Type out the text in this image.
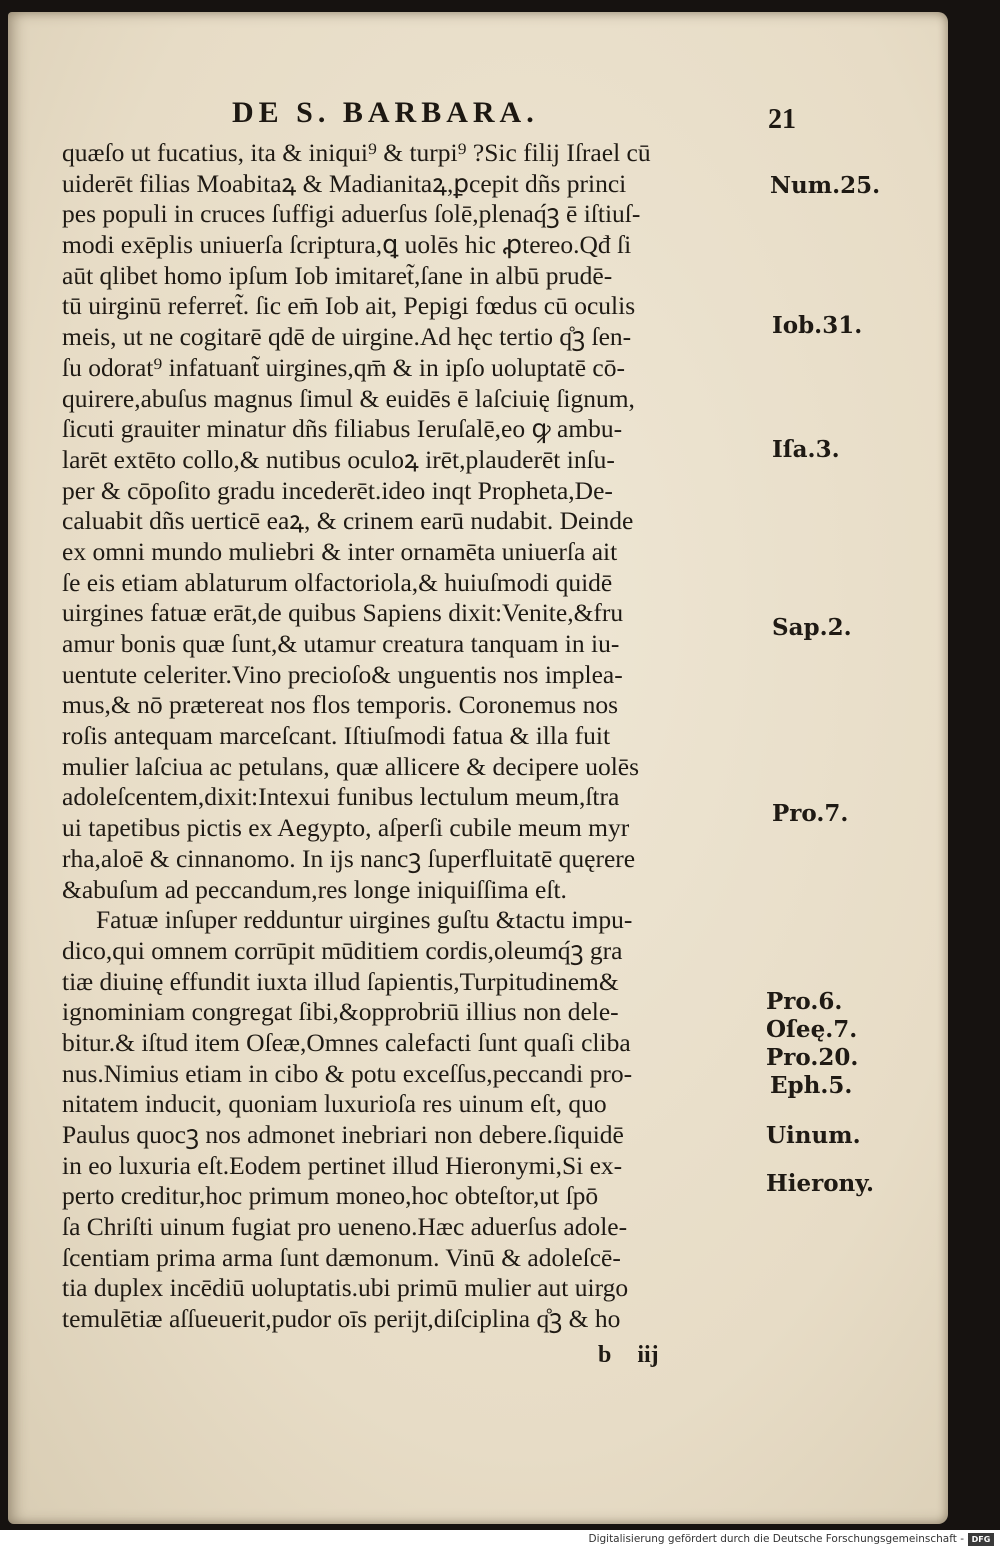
DE S. BARBARA.	21
quæſo ut fucatius, ita & iniqui⁹ & turpi⁹ ?Sic filij Iſrael cū
uiderēt filias Moabitaꝝ & Madianitaꝝ,ꝑcepit dñs princi
pes populi in cruces ſuffigi aduerſus ſolē,plenaq́ꝫ ē iſtiuſ-
modi exēplis uniuerſa ſcriptura,ꝗ uolēs hic ꝓtereo.Qđ ſi
aūt qlibet homo ipſum Iob imitaret̃,ſane in albū prudē-
tū uirginū referret̃. ſic em̄ Iob ait, Pepigi fœdus cū oculis
meis, ut ne cogitarē qdē de uirgine.Ad hęc tertio q̊ꝫ ſen-
ſu odorat⁹ infatuant̃ uirgines,qm̄ & in ipſo uoluptatē cō-
quirere,abuſus magnus ſimul & euidēs ē laſciuię ſignum,
ſicuti grauiter minatur dñs filiabus Ieruſalē,eo ꝙ ambu-
larēt extēto collo,& nutibus oculoꝝ irēt,plauderēt inſu-
per & cōpoſito gradu incederēt.ideo inqt Propheta,De-
caluabit dñs uerticē eaꝝ, & crinem earū nudabit. Deinde
ex omni mundo muliebri & inter ornamēta uniuerſa ait
ſe eis etiam ablaturum olfactoriola,& huiuſmodi quidē
uirgines fatuæ erāt,de quibus Sapiens dixit:Venite,&fru
amur bonis quæ ſunt,& utamur creatura tanquam in iu-
uentute celeriter.Vino precioſo& unguentis nos implea-
mus,& nō prætereat nos flos temporis. Coronemus nos
roſis antequam marceſcant. Iſtiuſmodi fatua & illa fuit
mulier laſciua ac petulans, quæ allicere & decipere uolēs
adoleſcentem,dixit:Intexui funibus lectulum meum,ſtra
ui tapetibus pictis ex Aegypto, aſperſi cubile meum myr
rha,aloē & cinnanomo. In ijs nancꝫ ſuperfluitatē quęrere
&abuſum ad peccandum,res longe iniquiſſima eſt.
Fatuæ inſuper redduntur uirgines guſtu &tactu impu-
dico,qui omnem corrūpit mūditiem cordis,oleumq́ꝫ gra
tiæ diuinę effundit iuxta illud ſapientis,Turpitudinem&
ignominiam congregat ſibi,&opprobriū illius non dele-
bitur.& iſtud item Oſeæ,Omnes calefacti ſunt quaſi cliba
nus.Nimius etiam in cibo & potu exceſſus,peccandi pro-
nitatem inducit, quoniam luxurioſa res uinum eſt, quo
Paulus quocꝫ nos admonet inebriari non debere.ſiquidē
in eo luxuria eſt.Eodem pertinet illud Hieronymi,Si ex-
perto creditur,hoc primum moneo,hoc obteſtor,ut ſpō
ſa Chriſti uinum fugiat pro ueneno.Hæc aduerſus adole-
ſcentiam prima arma ſunt dæmonum. Vinū & adoleſcē-
tia duplex incēdiū uoluptatis.ubi primū mulier aut uirgo
temulētiæ aſſueuerit,pudor oīs perijt,diſciplina q̊ꝫ & ho
Num.25.
Iob.31.
Iſa.3.
Sap.2.
Pro.7.
Pro.6.
Oſeę.7.
Pro.20.
Eph.5.
Uinum.
Hierony.
b iij
Digitalisierung gefördert durch die Deutsche Forschungsgemeinschaft - DFG
